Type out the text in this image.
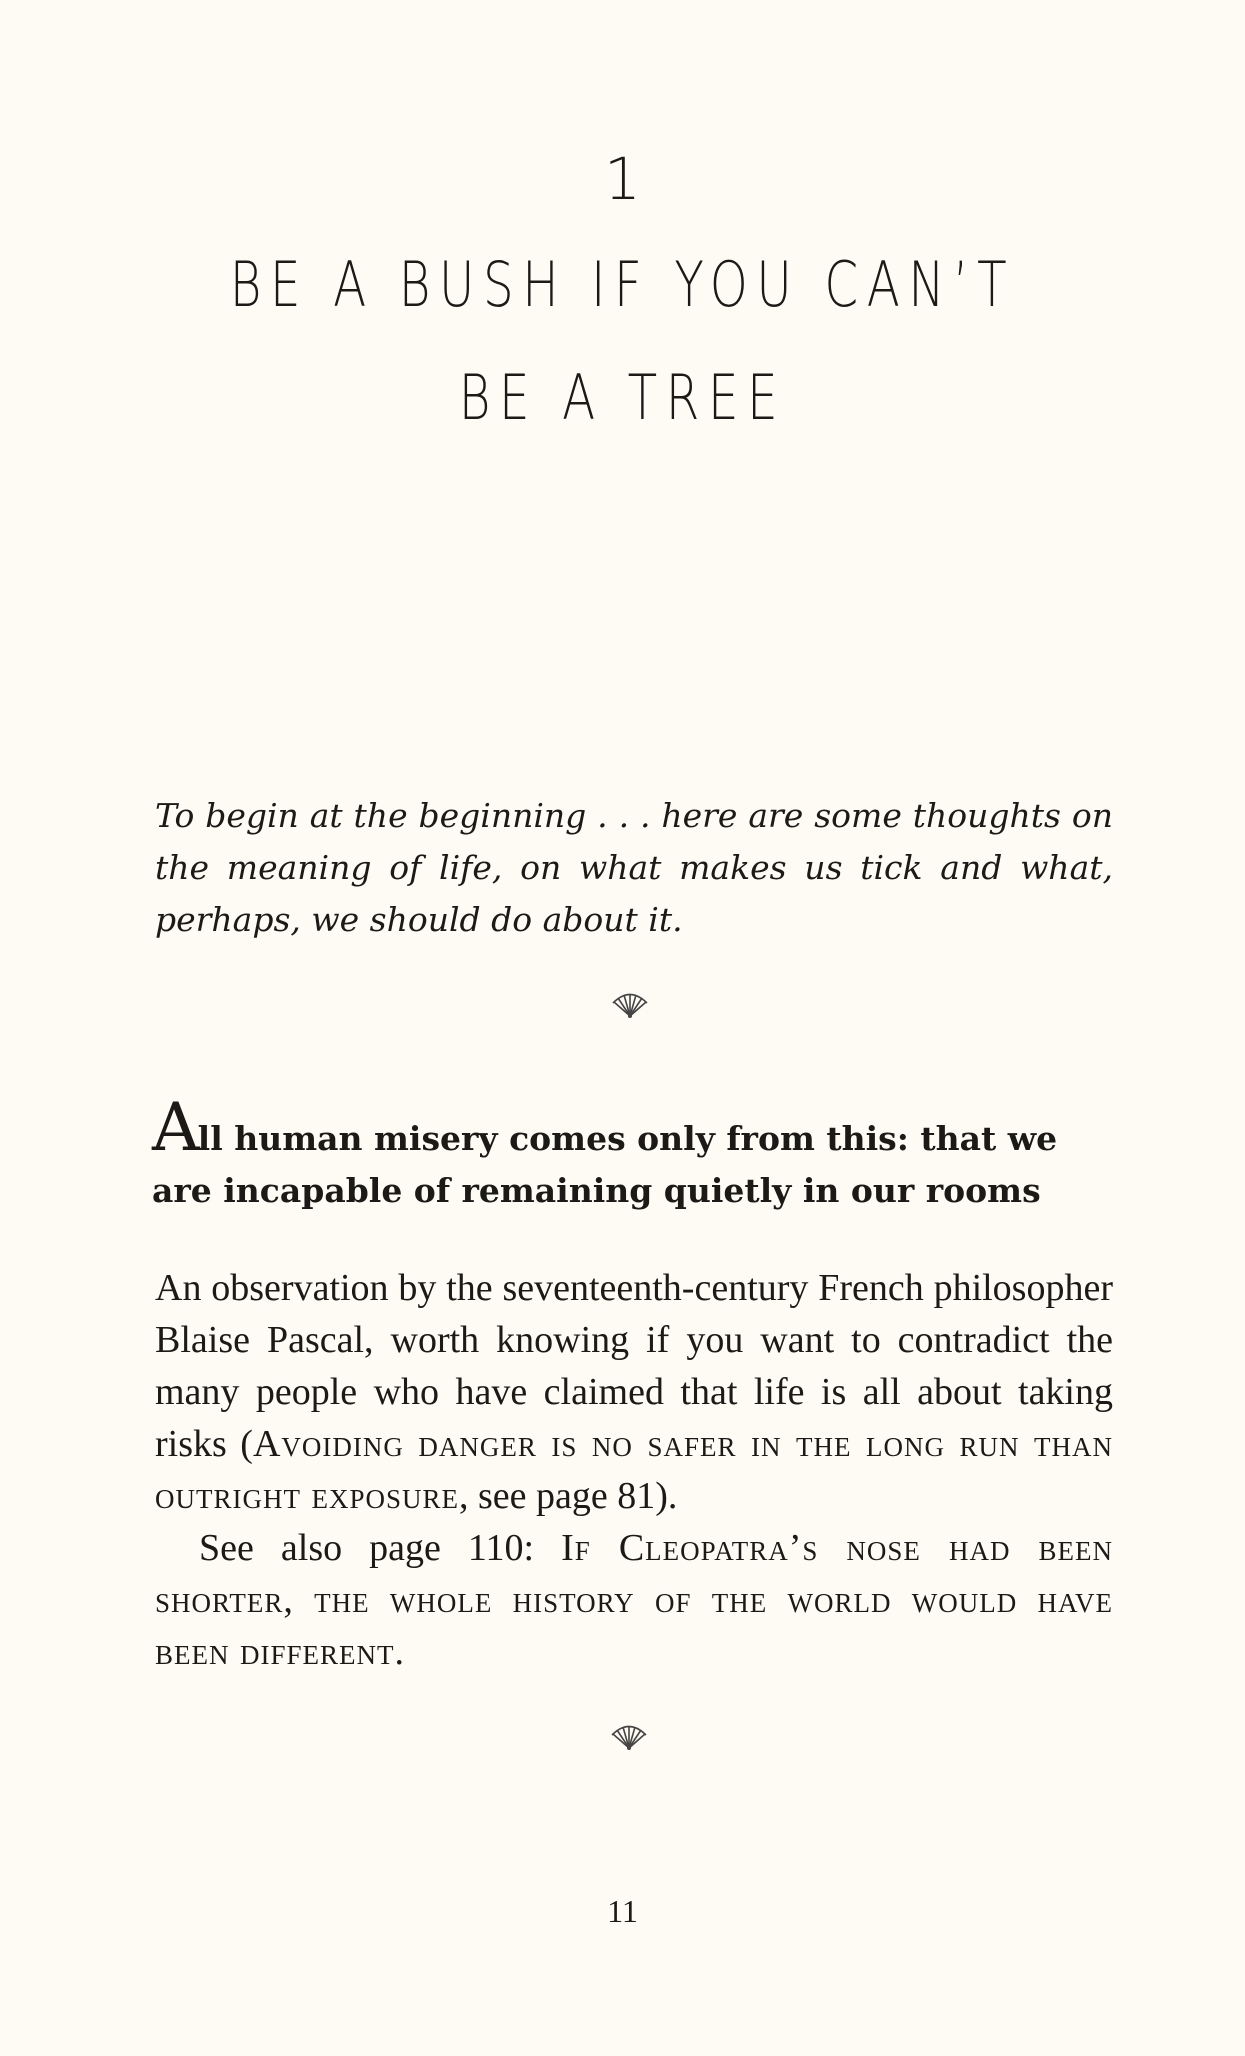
1
BE A BUSH IF YOU CAN’T
BE A TREE

To begin at the beginning . . . here are some thoughts on the meaning of life, on what makes us tick and what, perhaps, we should do about it.

All human misery comes only from this: that we are incapable of remaining quietly in our rooms

An observation by the seventeenth-century French philosopher Blaise Pascal, worth knowing if you want to contradict the many people who have claimed that life is all about taking risks (Avoiding danger is no safer in the long run than outright exposure, see page 81).

See also page 110: If Cleopatra’s nose had been shorter, the whole history of the world would have been different.

11
